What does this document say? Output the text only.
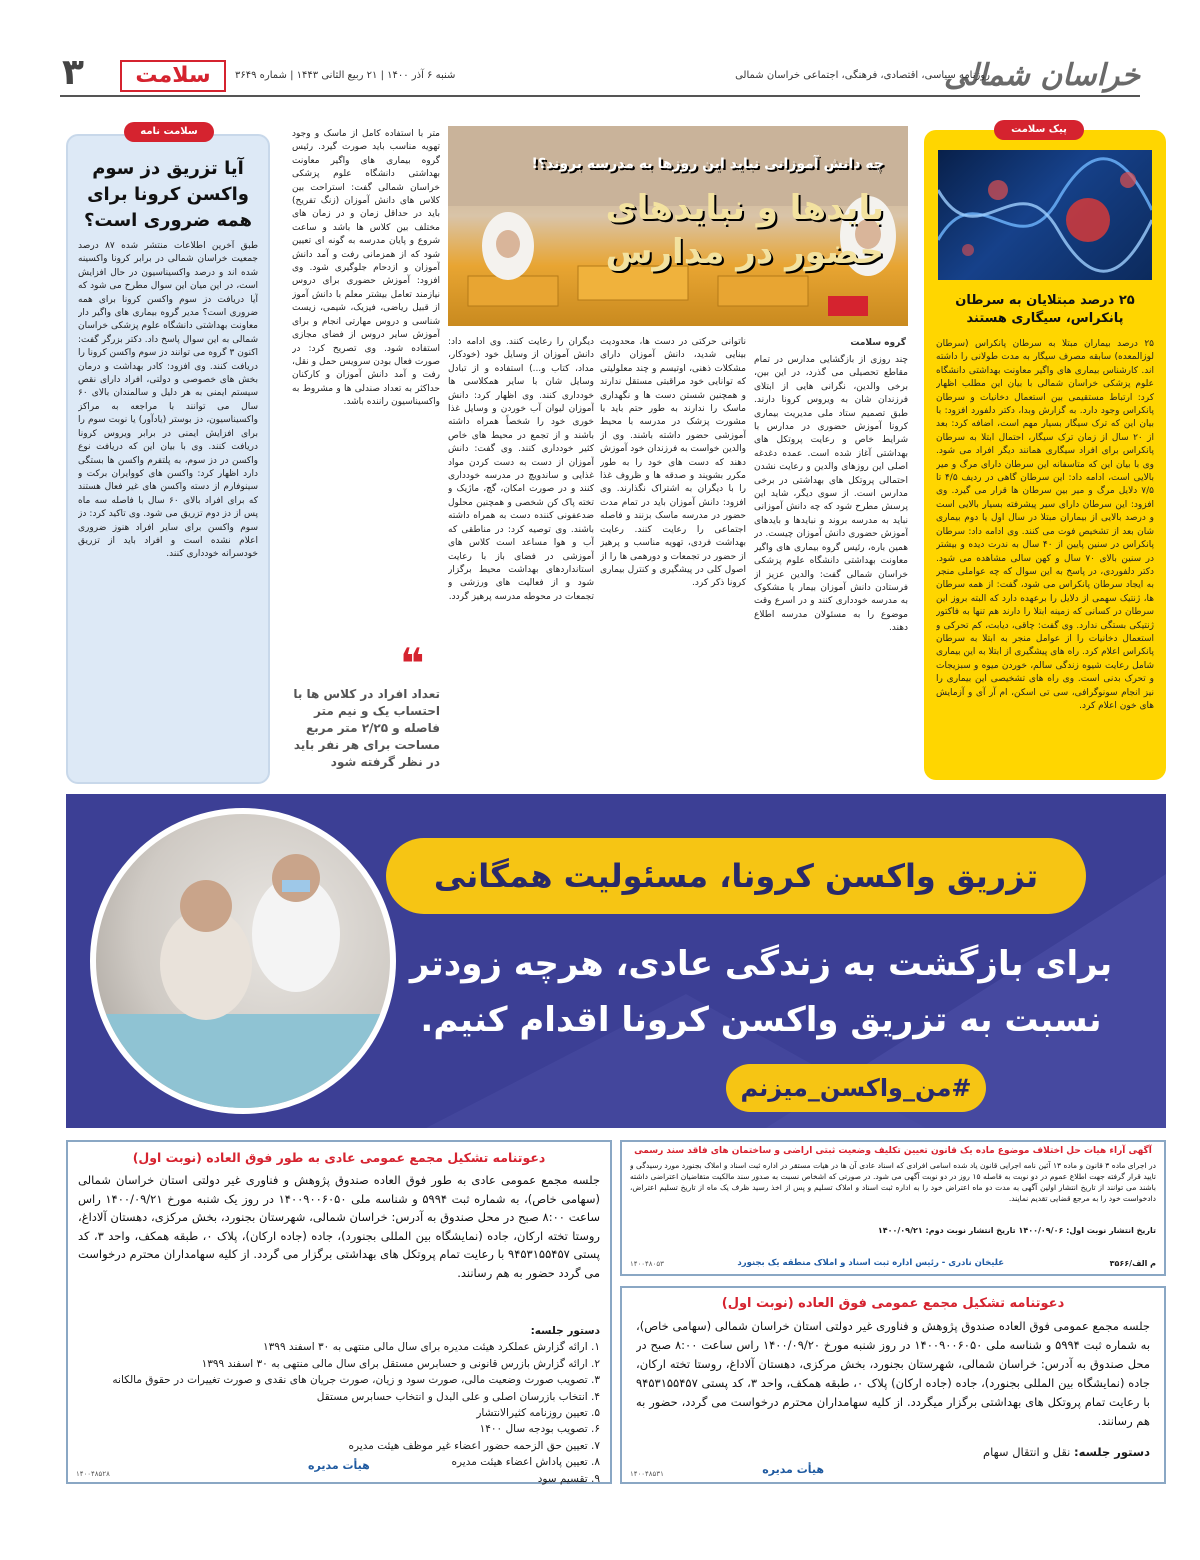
خراسان شمالی
روزنامه سیاسی، اقتصادی، فرهنگی، اجتماعی خراسان شمالی
شنبه ۶ آذر ۱۴۰۰ | ۲۱ ربیع الثانی ۱۴۴۳ | شماره ۳۶۴۹
سلامت
۳
پیک سلامت
۲۵ درصد مبتلایان به سرطان پانکراس، سیگاری هستند
۲۵ درصد بیماران مبتلا به سرطان پانکراس (سرطان لوزالمعده) سابقه مصرف سیگار به مدت طولانی را داشته اند. کارشناس بیماری های واگیر معاونت بهداشتی دانشگاه علوم پزشکی خراسان شمالی با بیان این مطلب اظهار کرد: ارتباط مستقیمی بین استعمال دخانیات و سرطان پانکراس وجود دارد. به گزارش وبدا، دکتر دلفورد افزود: با بیان این که ترک سیگار بسیار مهم است، اضافه کرد: بعد از ۲۰ سال از زمان ترک سیگار، احتمال ابتلا به سرطان پانکراس برای افراد سیگاری همانند دیگر افراد می شود. وی با بیان این که متاسفانه این سرطان دارای مرگ و میر بالایی است، ادامه داد: این سرطان گاهی در ردیف ۴/۵ تا ۷/۵ دلایل مرگ و میر بین سرطان ها قرار می گیرد. وی افزود: این سرطان دارای سیر پیشرفته بسیار بالایی است و درصد بالایی از بیماران مبتلا در سال اول یا دوم بیماری شان بعد از تشخیص فوت می کنند. وی ادامه داد: سرطان پانکراس در سنین پایین از ۴۰ سال به ندرت دیده و بیشتر در سنین بالای ۷۰ سال و کهن سالی مشاهده می شود. دکتر دلفوردی، در پاسخ به این سوال که چه عواملی منجر به ایجاد سرطان پانکراس می شود، گفت: از همه سرطان ها، ژنتیک سهمی از دلایل را برعهده دارد که البته بروز این سرطان در کسانی که زمینه ابتلا را دارند هم تنها به فاکتور ژنتیکی بستگی ندارد. وی گفت: چاقی، دیابت، کم تحرکی و استعمال دخانیات را از عوامل منجر به ابتلا به سرطان پانکراس اعلام کرد. راه های پیشگیری از ابتلا به این بیماری شامل رعایت شیوه زندگی سالم، خوردن میوه و سبزیجات و تحرک بدنی است. وی راه های تشخیصی این بیماری را نیز انجام سونوگرافی، سی تی اسکن، ام آر آی و آزمایش های خون اعلام کرد.
چه دانش آموزانی نباید این روزها به مدرسه بروند؟!
بایدها و نبایدهای
حضور در مدارس
گروه سلامت
چند روزی از بازگشایی مدارس در تمام مقاطع تحصیلی می گذرد، در این بین، برخی والدین، نگرانی هایی از ابتلای فرزندان شان به ویروس کرونا دارند. طبق تصمیم ستاد ملی مدیریت بیماری کرونا آموزش حضوری در مدارس با شرایط خاص و رعایت پروتکل های بهداشتی آغاز شده است. عمده دغدغه اصلی این روزهای والدین و رعایت نشدن احتمالی پروتکل های بهداشتی در برخی مدارس است. از سوی دیگر، شاید این پرسش مطرح شود که چه دانش آموزانی نباید به مدرسه بروند و نبایدها و بایدهای آموزش حضوری دانش آموزان چیست. در همین باره، رئیس گروه بیماری های واگیر معاونت بهداشتی دانشگاه علوم پزشکی خراسان شمالی گفت: والدین عزیز از فرستادن دانش آموزان بیمار یا مشکوک به مدرسه خودداری کنند و در اسرع وقت موضوع را به مسئولان مدرسه اطلاع دهند.
ناتوانی حرکتی در دست ها، محدودیت بینایی شدید، دانش آموزان دارای مشکلات ذهنی، اوتیسم و چند معلولیتی که توانایی خود مراقبتی مستقل ندارند و همچنین شستن دست ها و نگهداری ماسک را ندارند به طور حتم باید با مشورت پزشک در مدرسه با محیط آموزشی حضور داشته باشند. وی از والدین خواست به فرزندان خود آموزش دهند که دست های خود را به طور مکرر بشویند و صدقه ها و ظروف غذا را با دیگران به اشتراک نگذارند. وی افزود: دانش آموزان باید در تمام مدت حضور در مدرسه ماسک بزنند و فاصله اجتماعی را رعایت کنند. رعایت بهداشت فردی، تهویه مناسب و پرهیز از حضور در تجمعات و دورهمی ها را از اصول کلی در پیشگیری و کنترل بیماری کرونا ذکر کرد.
دیگران را رعایت کنند. وی ادامه داد: دانش آموزان از وسایل خود (خودکار، مداد، کتاب و...) استفاده و از تبادل وسایل شان با سایر همکلاسی ها خودداری کنند. وی اظهار کرد: دانش آموزان لیوان آب خوردن و وسایل غذا خوری خود را شخصاً همراه داشته باشند و از تجمع در محیط های خاص کثیر خودداری کنند. وی گفت: دانش آموزان از دست به دست کردن مواد غذایی و ساندویچ در مدرسه خودداری کنند و در صورت امکان، گچ، ماژیک و تخته پاک کن شخصی و همچنین محلول ضدعفونی کننده دست به همراه داشته باشند. وی توصیه کرد: در مناطقی که آب و هوا مساعد است کلاس های آموزشی در فضای باز با رعایت استانداردهای بهداشت محیط برگزار شود و از فعالیت های ورزشی و تجمعات در محوطه مدرسه پرهیز گردد.
متر با استفاده کامل از ماسک و وجود تهویه مناسب باید صورت گیرد. رئیس گروه بیماری های واگیر معاونت بهداشتی دانشگاه علوم پزشکی خراسان شمالی گفت: استراحت بین کلاس های دانش آموزان (زنگ تفریح) باید در حداقل زمان و در زمان های مختلف بین کلاس ها باشد و ساعت شروع و پایان مدرسه به گونه ای تعیین شود که از همزمانی رفت و آمد دانش آموزان و ازدحام جلوگیری شود. وی افزود: آموزش حضوری برای دروس نیازمند تعامل بیشتر معلم با دانش آموز از قبیل ریاضی، فیزیک، شیمی، زیست شناسی و دروس مهارتی انجام و برای آموزش سایر دروس از فضای مجازی استفاده شود. وی تصریح کرد: در صورت فعال بودن سرویس حمل و نقل، رفت و آمد دانش آموزان و کارکنان حداکثر به تعداد صندلی ها و مشروط به واکسیناسیون راننده باشد.
❝
تعداد افراد در کلاس ها با احتساب یک و نیم متر فاصله و ۲/۲۵ متر مربع مساحت برای هر نفر باید در نظر گرفته شود
سلامت نامه
آیا تزریق دز سوم واکسن کرونا برای همه ضروری است؟
طبق آخرین اطلاعات منتشر شده ۸۷ درصد جمعیت خراسان شمالی در برابر کرونا واکسینه شده اند و درصد واکسیناسیون در حال افزایش است، در این میان این سوال مطرح می شود که آیا دریافت دز سوم واکسن کرونا برای همه ضروری است؟ مدیر گروه بیماری های واگیر دار معاونت بهداشتی دانشگاه علوم پزشکی خراسان شمالی به این سوال پاسخ داد. دکتر بزرگر گفت: اکنون ۳ گروه می توانند دز سوم واکسن کرونا را دریافت کنند. وی افزود: کادر بهداشت و درمان بخش های خصوصی و دولتی، افراد دارای نقص سیستم ایمنی به هر دلیل و سالمندان بالای ۶۰ سال می توانند با مراجعه به مراکز واکسیناسیون، دز بوستر (یادآور) یا نوبت سوم را برای افزایش ایمنی در برابر ویروس کرونا دریافت کنند. وی با بیان این که دریافت نوع واکسن در دز سوم، به پلتفرم واکسن ها بستگی دارد اظهار کرد: واکسن های کووایران برکت و سینوفارم از دسته واکسن های غیر فعال هستند که برای افراد بالای ۶۰ سال با فاصله سه ماه پس از دز دوم تزریق می شود. وی تاکید کرد: دز سوم واکسن برای سایر افراد هنوز ضروری اعلام نشده است و افراد باید از تزریق خودسرانه خودداری کنند.
تزریق واکسن کرونا، مسئولیت همگانی
برای بازگشت به زندگی عادی، هرچه زودتر
نسبت به تزریق واکسن کرونا اقدام کنیم.
#من_واکسن_میزنم
آگهی آراء هیات حل اختلاف موضوع ماده یک قانون تعیین تکلیف وضعیت ثبتی اراضی و ساختمان های فاقد سند رسمی
در اجرای ماده ۳ قانون و ماده ۱۳ آئین نامه اجرایی قانون یاد شده اسامی افرادی که اسناد عادی آن ها در هیات مستقر در اداره ثبت اسناد و املاک بجنورد مورد رسیدگی و تایید قرار گرفته جهت اطلاع عموم در دو نوبت به فاصله ۱۵ روز در دو نوبت آگهی می شود. در صورتی که اشخاص نسبت به صدور سند مالکیت متقاضیان اعتراضی داشته باشند می توانند از تاریخ انتشار اولین آگهی به مدت دو ماه اعتراض خود را به اداره ثبت اسناد و املاک تسلیم و پس از اخذ رسید ظرف یک ماه از تاریخ تسلیم اعتراض، دادخواست خود را به مرجع قضایی تقدیم نمایند.
تاریخ انتشار نوبت اول: ۱۴۰۰/۰۹/۰۶ تاریخ انتشار نوبت دوم: ۱۴۰۰/۰۹/۲۱
م الف/۳۵۶۶
علیخان نادری - رئیس اداره ثبت اسناد و املاک منطقه یک بجنورد
۱۴۰۰۴۸۰۵۳
دعوتنامه تشکیل مجمع عمومی فوق العاده (نوبت اول)
جلسه مجمع عمومی فوق العاده صندوق پژوهش و فناوری غیر دولتی استان خراسان شمالی (سهامی خاص)، به شماره ثبت ۵۹۹۴ و شناسه ملی ۱۴۰۰۹۰۰۶۰۵۰ در روز شنبه مورخ ۱۴۰۰/۰۹/۲۰ راس ساعت ۸:۰۰ صبح در محل صندوق به آدرس: خراسان شمالی، شهرستان بجنورد، بخش مرکزی، دهستان آلاداغ، روستا تخته ارکان، جاده (نمایشگاه بین المللی بجنورد)، جاده (جاده ارکان) پلاک ۰، طبقه همکف، واحد ۳، کد پستی ۹۴۵۳۱۵۵۴۵۷ با رعایت تمام پروتکل های بهداشتی برگزار میگردد. از کلیه سهامداران محترم درخواست می گردد، حضور به هم رسانند.
دستور جلسه: نقل و انتقال سهام
هیأت مدیره
۱۴۰۰۴۸۵۳۱
دعوتنامه تشکیل مجمع عمومی عادی به طور فوق العاده (نوبت اول)
جلسه مجمع عمومی عادی به طور فوق العاده صندوق پژوهش و فناوری غیر دولتی استان خراسان شمالی (سهامی خاص)، به شماره ثبت ۵۹۹۴ و شناسه ملی ۱۴۰۰۹۰۰۶۰۵۰ در روز یک شنبه مورخ ۱۴۰۰/۰۹/۲۱ راس ساعت ۸:۰۰ صبح در محل صندوق به آدرس: خراسان شمالی، شهرستان بجنورد، بخش مرکزی، دهستان آلاداغ، روستا تخته ارکان، جاده (نمایشگاه بین المللی بجنورد)، جاده (جاده ارکان)، پلاک ۰، طبقه همکف، واحد ۳، کد پستی ۹۴۵۳۱۵۵۴۵۷ با رعایت تمام پروتکل های بهداشتی برگزار می گردد. از کلیه سهامداران محترم درخواست می گردد حضور به هم رسانند.
دستور جلسه:
۱. ارائه گزارش عملکرد هیئت مدیره برای سال مالی منتهی به ۳۰ اسفند ۱۳۹۹
۲. ارائه گزارش بازرس قانونی و حسابرس مستقل برای سال مالی منتهی به ۳۰ اسفند ۱۳۹۹
۳. تصویب صورت وضعیت مالی، صورت سود و زیان، صورت جریان های نقدی و صورت تغییرات در حقوق مالکانه
۴. انتخاب بازرسان اصلی و علی البدل و انتخاب حسابرس مستقل
۵. تعیین روزنامه کثیرالانتشار
۶. تصویب بودجه سال ۱۴۰۰
۷. تعیین حق الزحمه حضور اعضاء غیر موظف هیئت مدیره
۸. تعیین پاداش اعضاء هیئت مدیره
۹. تقسیم سود
هیأت مدیره
۱۴۰۰۴۸۵۲۸
